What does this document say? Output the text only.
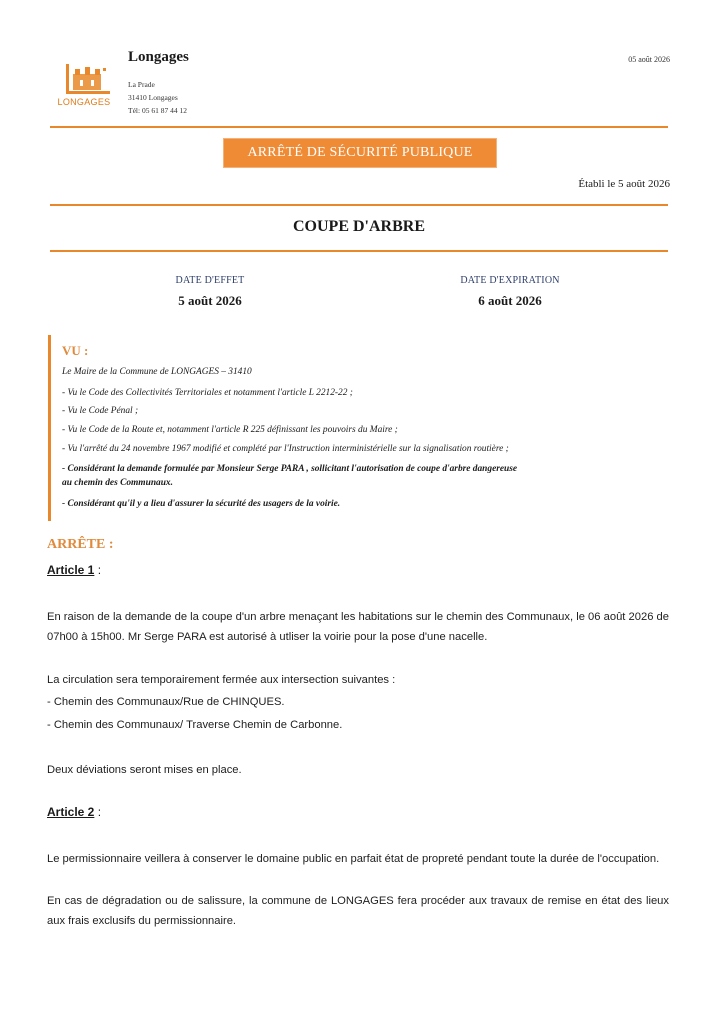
LONGAGES
Longages
La Prade
31410 Longages
Tél: 05 61 87 44 12
05 août 2026
ARRÊTÉ DE SÉCURITÉ PUBLIQUE
Établi le 5 août 2026
COUPE D'ARBRE
DATE D'EFFET
5 août 2026
DATE D'EXPIRATION
6 août 2026
VU :
Le Maire de la Commune de LONGAGES – 31410
- Vu le Code des Collectivités Territoriales et notamment l'article L 2212-22 ;
- Vu le Code Pénal ;
- Vu le Code de la Route et, notamment l'article R 225 définissant les pouvoirs du Maire ;
- Vu l'arrêté du 24 novembre 1967 modifié et complété par l'Instruction interministérielle sur la signalisation routière ;
- Considérant la demande formulée par Monsieur Serge PARA , sollicitant l'autorisation de coupe d'arbre dangereuse
au chemin des Communaux.
- Considérant qu'il y a lieu d'assurer la sécurité des usagers de la voirie.
ARRÊTE :
Article 1 :
En raison de la demande de la coupe d'un arbre menaçant les habitations sur le chemin des Communaux, le 06 août 2026 de 07h00 à 15h00. Mr Serge PARA est autorisé à utliser la voirie pour la pose d'une nacelle.
La circulation sera temporairement fermée aux intersection suivantes :
- Chemin des Communaux/Rue de CHINQUES.
- Chemin des Communaux/ Traverse Chemin de Carbonne.
Deux déviations seront mises en place.
Article 2 :
Le permissionnaire veillera à conserver le domaine public en parfait état de propreté pendant toute la durée de l'occupation.
En cas de dégradation ou de salissure, la commune de LONGAGES fera procéder aux travaux de remise en état des lieux aux frais exclusifs du permissionnaire.
